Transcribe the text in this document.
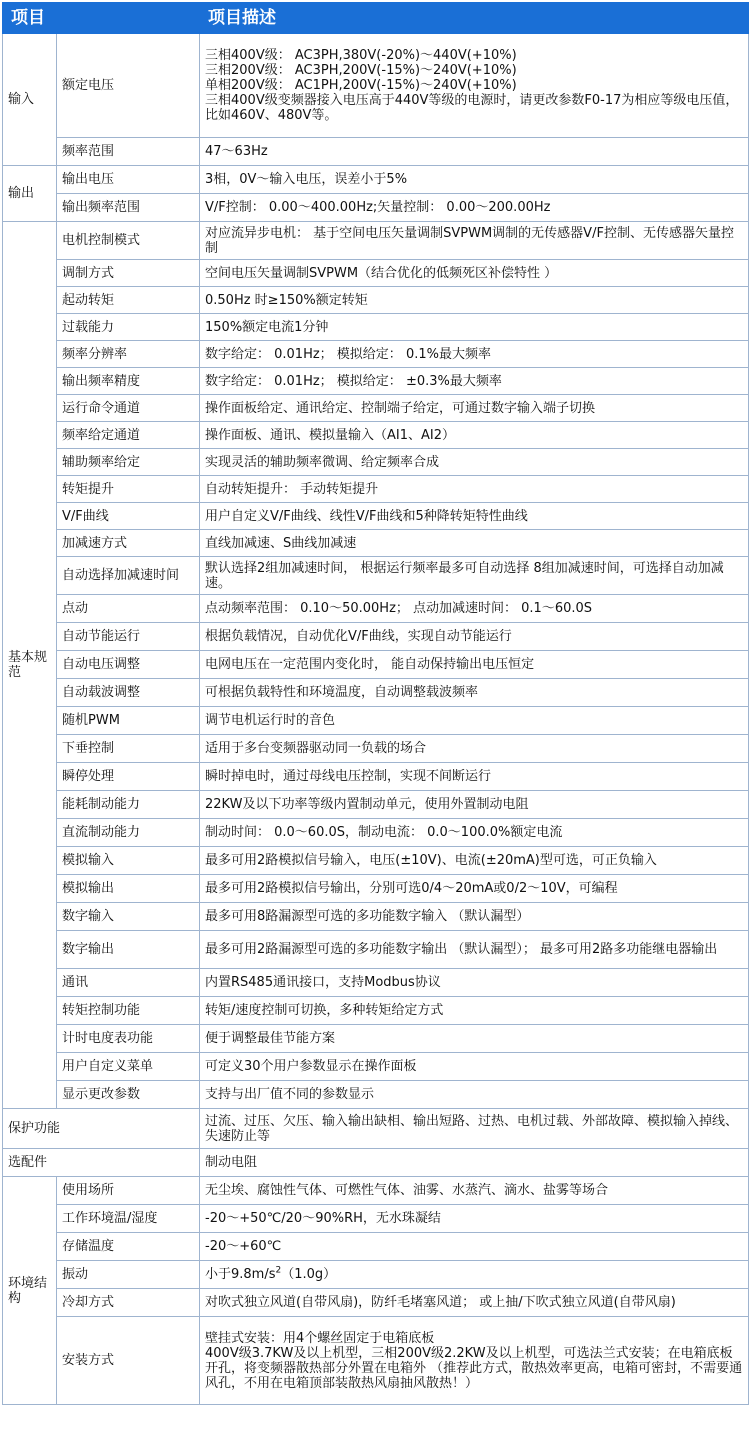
项目		项目描述
输入	额定电压	三相400V级： AC3PH,380V(-20%)～440V(+10%)
三相200V级： AC3PH,200V(-15%)～240V(+10%)
单相200V级： AC1PH,200V(-15%)～240V(+10%)
三相400V级变频器接入电压高于440V等级的电源时，请更改参数F0-17为相应等级电压值，比如460V、480V等。

	频率范围	47～63Hz
输出	输出电压	3相，0V～输入电压，误差小于5%
	输出频率范围	V/F控制： 0.00～400.00Hz;矢量控制： 0.00～200.00Hz
基本规范	电机控制模式	对应流异步电机： 基于空间电压矢量调制SVPWM调制的无传感器V/F控制、无传感器矢量控制
	调制方式	空间电压矢量调制SVPWM（结合优化的低频死区补偿特性 ）
	起动转矩	0.50Hz 时≥150%额定转矩
	过载能力	150%额定电流1分钟
	频率分辨率	数字给定： 0.01Hz； 模拟给定： 0.1%最大频率
	输出频率精度	数字给定： 0.01Hz； 模拟给定： ±0.3%最大频率
	运行命令通道	操作面板给定、通讯给定、控制端子给定，可通过数字输入端子切换
	频率给定通道	操作面板、通讯、模拟量输入（AI1、AI2）
	辅助频率给定	实现灵活的辅助频率微调、给定频率合成
	转矩提升	自动转矩提升： 手动转矩提升
	V/F曲线	用户自定义V/F曲线、线性V/F曲线和5种降转矩特性曲线
	加减速方式	直线加减速、S曲线加减速
	自动选择加减速时间	默认选择2组加减速时间， 根据运行频率最多可自动选择 8组加减速时间，可选择自动加减速。
	点动	点动频率范围： 0.10～50.00Hz； 点动加减速时间： 0.1～60.0S
	自动节能运行	根据负载情况，自动优化V/F曲线，实现自动节能运行
	自动电压调整	电网电压在一定范围内变化时， 能自动保持输出电压恒定
	自动载波调整	可根据负载特性和环境温度，自动调整载波频率
	随机PWM	调节电机运行时的音色
	下垂控制	适用于多台变频器驱动同一负载的场合
	瞬停处理	瞬时掉电时，通过母线电压控制，实现不间断运行
	能耗制动能力	22KW及以下功率等级内置制动单元，使用外置制动电阻
	直流制动能力	制动时间： 0.0～60.0S，制动电流： 0.0～100.0%额定电流
	模拟输入	最多可用2路模拟信号输入，电压(±10V)、电流(±20mA)型可选，可正负输入

	模拟输出	最多可用2路模拟信号输出，分别可选0/4～20mA或0/2～10V，可编程
	数字输入	最多可用8路漏源型可选的多功能数字输入 （默认漏型）
	数字输出	最多可用2路漏源型可选的多功能数字输出 （默认漏型）； 最多可用2路多功能继电器输出
	通讯	内置RS485通讯接口，支持Modbus协议
	转矩控制功能	转矩/速度控制可切换，多种转矩给定方式
	计时电度表功能	便于调整最佳节能方案
	用户自定义菜单	可定义30个用户参数显示在操作面板
	显示更改参数	支持与出厂值不同的参数显示
保护功能		过流、过压、欠压、输入输出缺相、输出短路、过热、电机过载、外部故障、模拟输入掉线、失速防止等
选配件		制动电阻
环境结构	使用场所	无尘埃、腐蚀性气体、可燃性气体、油雾、水蒸汽、滴水、盐雾等场合
	工作环境温/湿度	-20～+50℃/20～90%RH，无水珠凝结
	存储温度	-20～+60℃
	振动	小于$9.8m/s^2(1.0g)$
	冷却方式	对吹式独立风道(自带风扇)，防纤毛堵塞风道； 或上抽/下吹式独立风道(自带风扇)
	安装方式	壁挂式安装：用4个螺丝固定于电箱底板
400V级3.7KW及以上机型，三相200V级2.2KW及以上机型，可选法兰式安装；在电箱底板开孔，将变频器散热部分外置在电箱外 （推荐此方式，散热效率更高，电箱可密封，不需要通风孔，不用在电箱顶部装散热风扇抽风散热！）
